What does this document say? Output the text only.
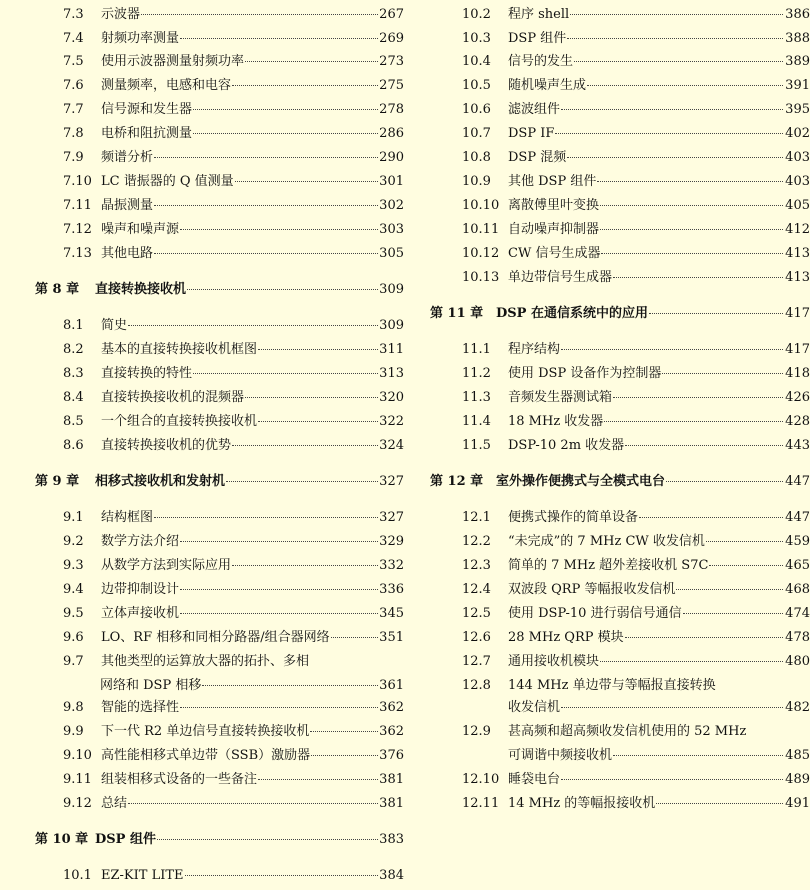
7.3	示波器	267
7.4	射频功率测量	269
7.5	使用示波器测量射频功率	273
7.6	测量频率，电感和电容	275
7.7	信号源和发生器	278
7.8	电桥和阻抗测量	286
7.9	频谱分析	290
7.10 LC 谐振器的 Q 值测量	301
7.11 晶振测量	302
7.12 噪声和噪声源	303
7.13 其他电路	305
第 8 章	直接转换接收机	309
8.1	简史	309
8.2	基本的直接转换接收机框图	311
8.3	直接转换的特性	313
8.4	直接转换接收机的混频器	320
8.5	一个组合的直接转换接收机	322
8.6	直接转换接收机的优势	324
第 9 章	相移式接收机和发射机	327
9.1	结构框图	327
9.2	数学方法介绍	329
9.3	从数学方法到实际应用	332
9.4	边带抑制设计	336
9.5	立体声接收机	345
9.6	LO、RF 相移和同相分路器/组合器网络	351
9.7	其他类型的运算放大器的拓扑、多相
网络和 DSP 相移	361
9.8	智能的选择性	362
9.9	下一代 R2 单边信号直接转换接收机	362
9.10 高性能相移式单边带（SSB）激励器	376
9.11 组装相移式设备的一些备注	381
9.12 总结	381
第 10 章 DSP 组件	383
10.1 EZ-KIT LITE	384
10.2	程序 shell	386
10.3	DSP 组件	388
10.4	信号的发生	389
10.5	随机噪声生成	391
10.6	滤波组件	395
10.7	DSP IF	402
10.8	DSP 混频	403
10.9	其他 DSP 组件	403
10.10 离散傅里叶变换	405
10.11 自动噪声抑制器	412
10.12 CW 信号生成器	413
10.13 单边带信号生成器	413
第 11 章 DSP 在通信系统中的应用	417
11.1	程序结构	417
11.2	使用 DSP 设备作为控制器	418
11.3	音频发生器测试箱	426
11.4	18 MHz 收发器	428
11.5	DSP-10 2m 收发器	443
第 12 章 室外操作便携式与全模式电台	447
12.1	便携式操作的简单设备	447
12.2	“未完成”的 7 MHz CW 收发信机	459
12.3	简单的 7 MHz 超外差接收机 S7C	465
12.4	双波段 QRP 等幅报收发信机	468
12.5	使用 DSP-10 进行弱信号通信	474
12.6	28 MHz QRP 模块	478
12.7	通用接收机模块	480
12.8	144 MHz 单边带与等幅报直接转换
收发信机	482
12.9	甚高频和超高频收发信机使用的 52 MHz
可调谐中频接收机	485
12.10 睡袋电台	489
12.11 14 MHz 的等幅报接收机	491
